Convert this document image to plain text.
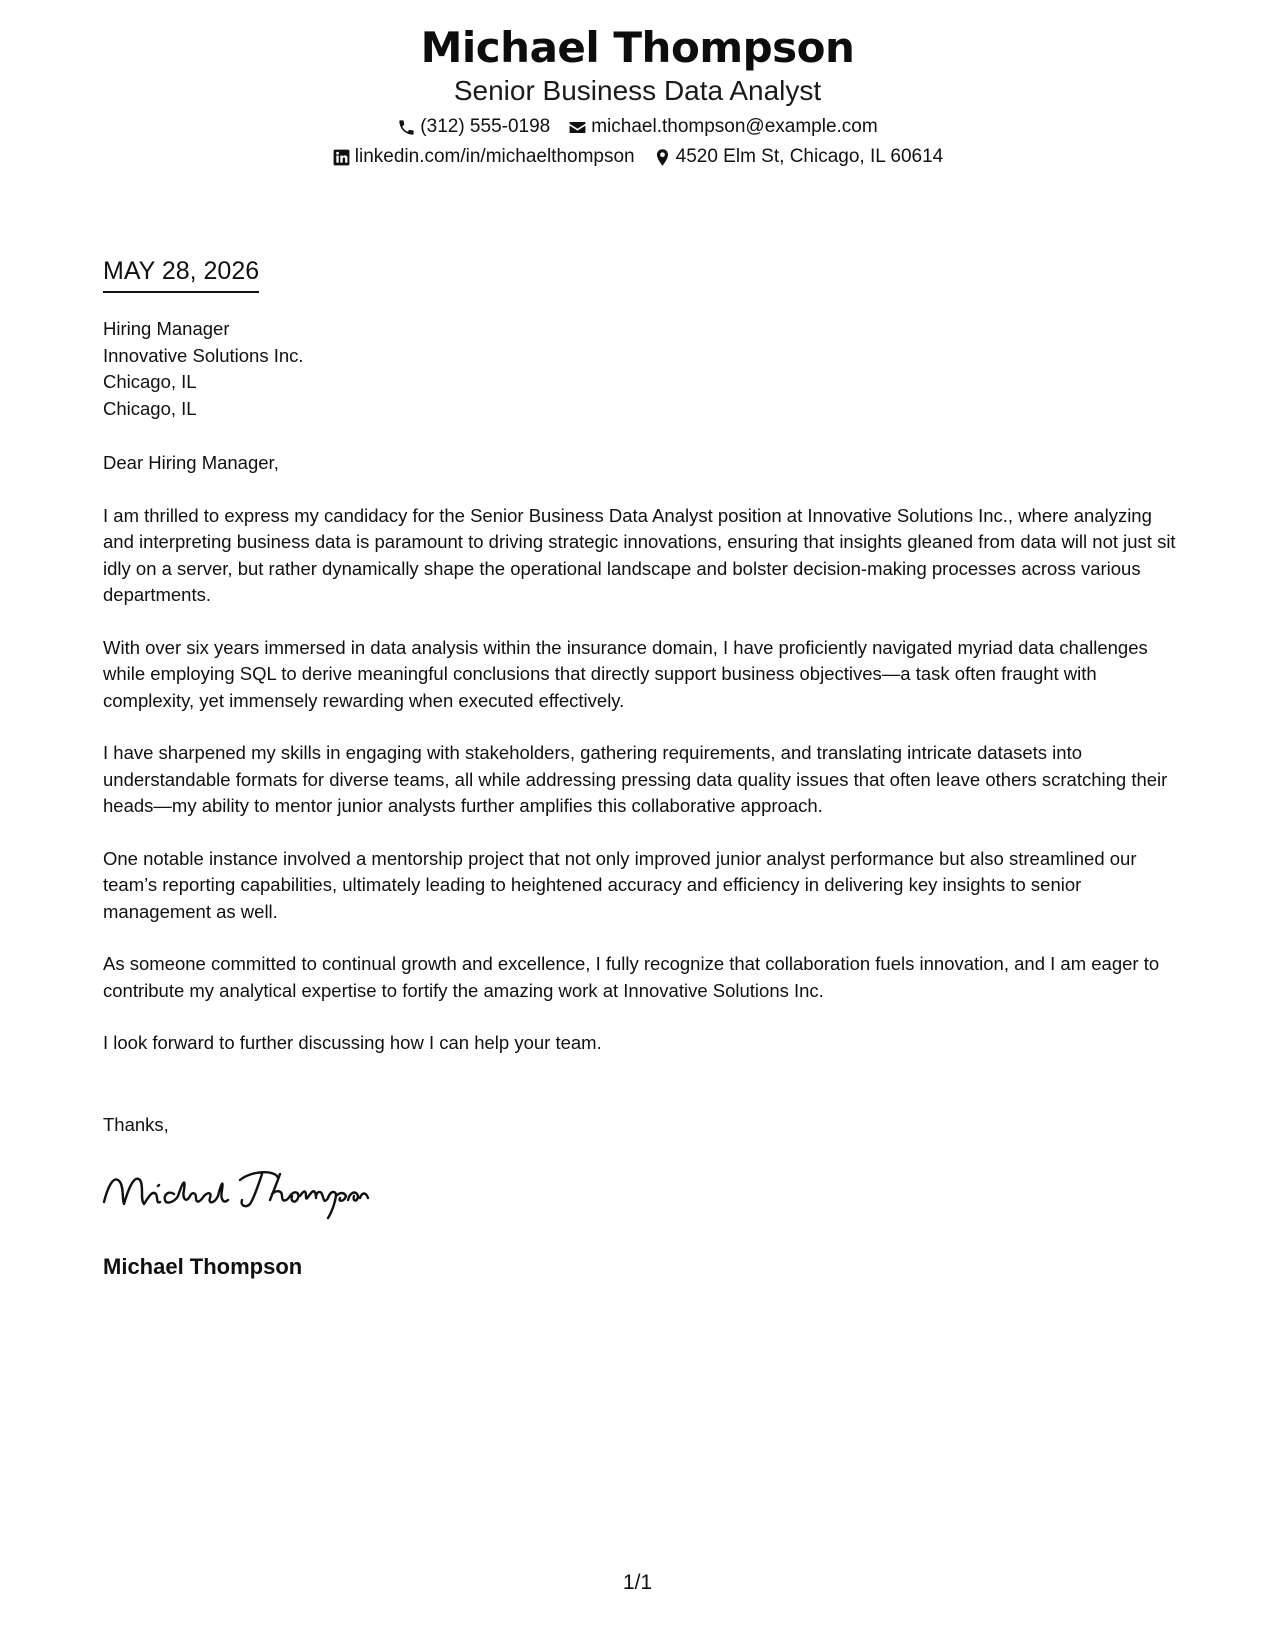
Michael Thompson
Senior Business Data Analyst
(312) 555-0198 michael.thompson@example.com
linkedin.com/in/michaelthompson 4520 Elm St, Chicago, IL 60614
MAY 28, 2026
Hiring Manager
Innovative Solutions Inc.
Chicago, IL
Chicago, IL

Dear Hiring Manager,

I am thrilled to express my candidacy for the Senior Business Data Analyst position at Innovative Solutions Inc., where analyzing and interpreting business data is paramount to driving strategic innovations, ensuring that insights gleaned from data will not just sit idly on a server, but rather dynamically shape the operational landscape and bolster decision-making processes across various departments.

With over six years immersed in data analysis within the insurance domain, I have proficiently navigated myriad data challenges while employing SQL to derive meaningful conclusions that directly support business objectives—a task often fraught with complexity, yet immensely rewarding when executed effectively.

I have sharpened my skills in engaging with stakeholders, gathering requirements, and translating intricate datasets into understandable formats for diverse teams, all while addressing pressing data quality issues that often leave others scratching their heads—my ability to mentor junior analysts further amplifies this collaborative approach.

One notable instance involved a mentorship project that not only improved junior analyst performance but also streamlined our team’s reporting capabilities, ultimately leading to heightened accuracy and efficiency in delivering key insights to senior management as well.

As someone committed to continual growth and excellence, I fully recognize that collaboration fuels innovation, and I am eager to contribute my analytical expertise to fortify the amazing work at Innovative Solutions Inc.

I look forward to further discussing how I can help your team.

Thanks,
Michael Thompson
1/1
